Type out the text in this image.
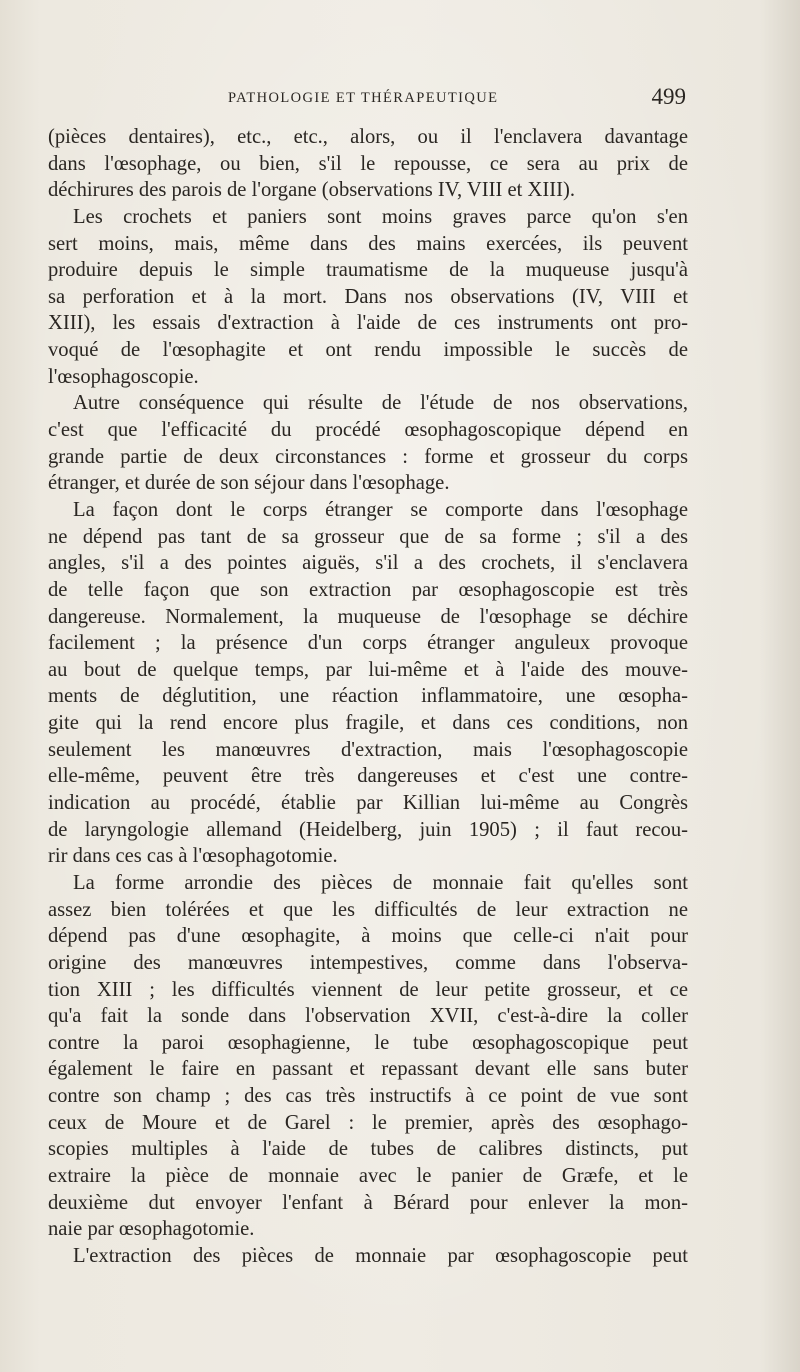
PATHOLOGIE ET THÉRAPEUTIQUE	499
(pièces dentaires), etc., etc., alors, ou il l'enclavera davantage
dans l'œsophage, ou bien, s'il le repousse, ce sera au prix de
déchirures des parois de l'organe (observations IV, VIII et XIII).
Les crochets et paniers sont moins graves parce qu'on s'en
sert moins, mais, même dans des mains exercées, ils peuvent
produire depuis le simple traumatisme de la muqueuse jusqu'à
sa perforation et à la mort. Dans nos observations (IV, VIII et
XIII), les essais d'extraction à l'aide de ces instruments ont pro-
voqué de l'œsophagite et ont rendu impossible le succès de
l'œsophagoscopie.
Autre conséquence qui résulte de l'étude de nos observations,
c'est que l'efficacité du procédé œsophagoscopique dépend en
grande partie de deux circonstances : forme et grosseur du corps
étranger, et durée de son séjour dans l'œsophage.
La façon dont le corps étranger se comporte dans l'œsophage
ne dépend pas tant de sa grosseur que de sa forme ; s'il a des
angles, s'il a des pointes aiguës, s'il a des crochets, il s'enclavera
de telle façon que son extraction par œsophagoscopie est très
dangereuse. Normalement, la muqueuse de l'œsophage se déchire
facilement ; la présence d'un corps étranger anguleux provoque
au bout de quelque temps, par lui-même et à l'aide des mouve-
ments de déglutition, une réaction inflammatoire, une œsopha-
gite qui la rend encore plus fragile, et dans ces conditions, non
seulement les manœuvres d'extraction, mais l'œsophagoscopie
elle-même, peuvent être très dangereuses et c'est une contre-
indication au procédé, établie par Killian lui-même au Congrès
de laryngologie allemand (Heidelberg, juin 1905) ; il faut recou-
rir dans ces cas à l'œsophagotomie.
La forme arrondie des pièces de monnaie fait qu'elles sont
assez bien tolérées et que les difficultés de leur extraction ne
dépend pas d'une œsophagite, à moins que celle-ci n'ait pour
origine des manœuvres intempestives, comme dans l'observa-
tion XIII ; les difficultés viennent de leur petite grosseur, et ce
qu'a fait la sonde dans l'observation XVII, c'est-à-dire la coller
contre la paroi œsophagienne, le tube œsophagoscopique peut
également le faire en passant et repassant devant elle sans buter
contre son champ ; des cas très instructifs à ce point de vue sont
ceux de Moure et de Garel : le premier, après des œsophago-
scopies multiples à l'aide de tubes de calibres distincts, put
extraire la pièce de monnaie avec le panier de Græfe, et le
deuxième dut envoyer l'enfant à Bérard pour enlever la mon-
naie par œsophagotomie.
L'extraction des pièces de monnaie par œsophagoscopie peut
